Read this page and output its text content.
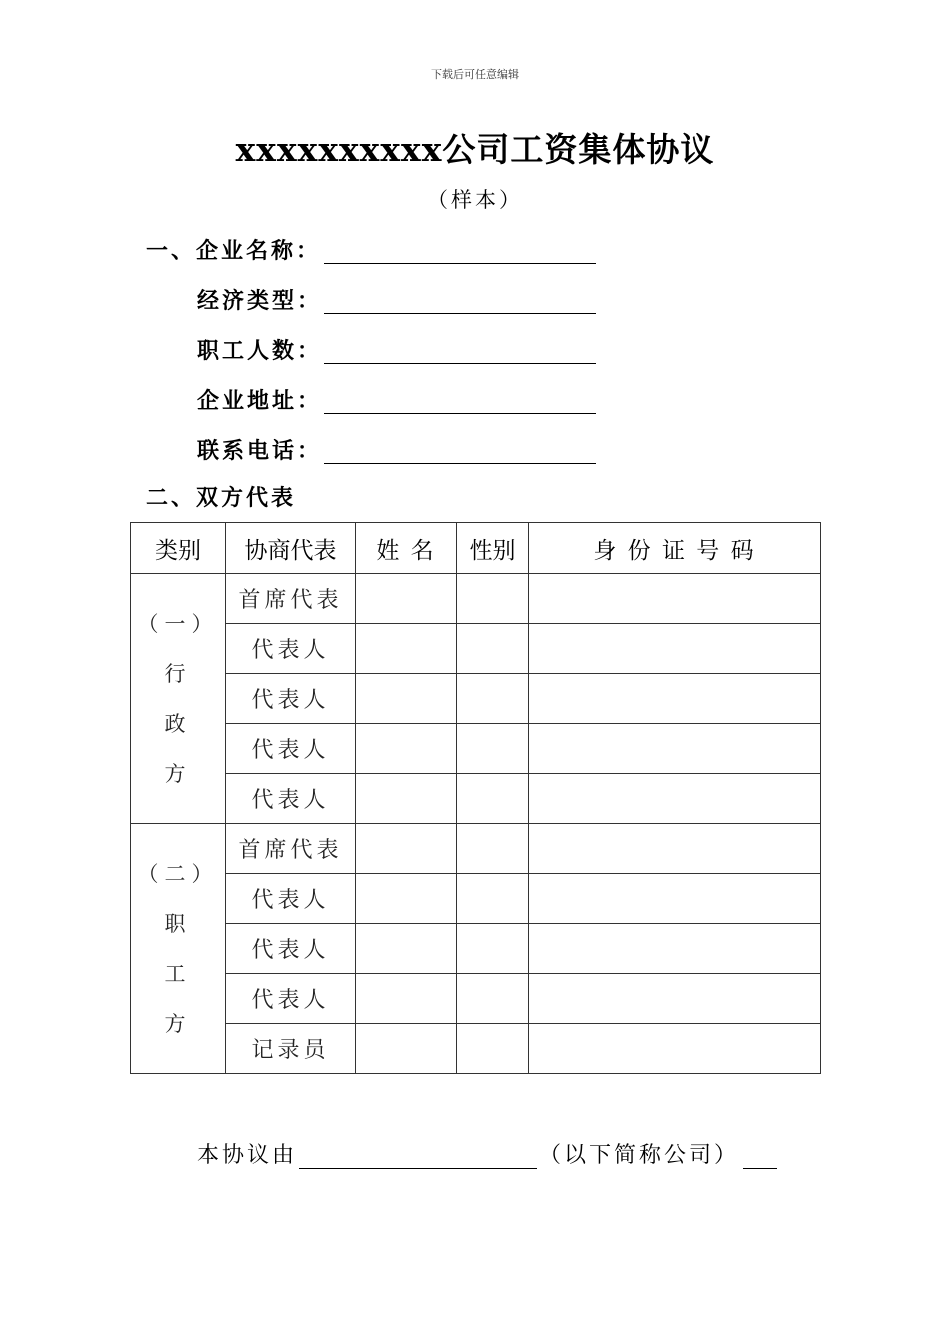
下载后可任意编辑
xxxxxxxxxx公司工资集体协议
（样本）
一、企业名称：
经济类型：
职工人数：
企业地址：
联系电话：
二、双方代表
类别	协商代表	姓 名	性别	身 份 证 号 码

（一）
行
政
方	首席代表			
	代表人			
	代表人			
	代表人			
	代表人			

（二）
职
工
方	首席代表			
	代表人			
	代表人			
	代表人			
	记录员			
本协议由	（以下简称公司）
